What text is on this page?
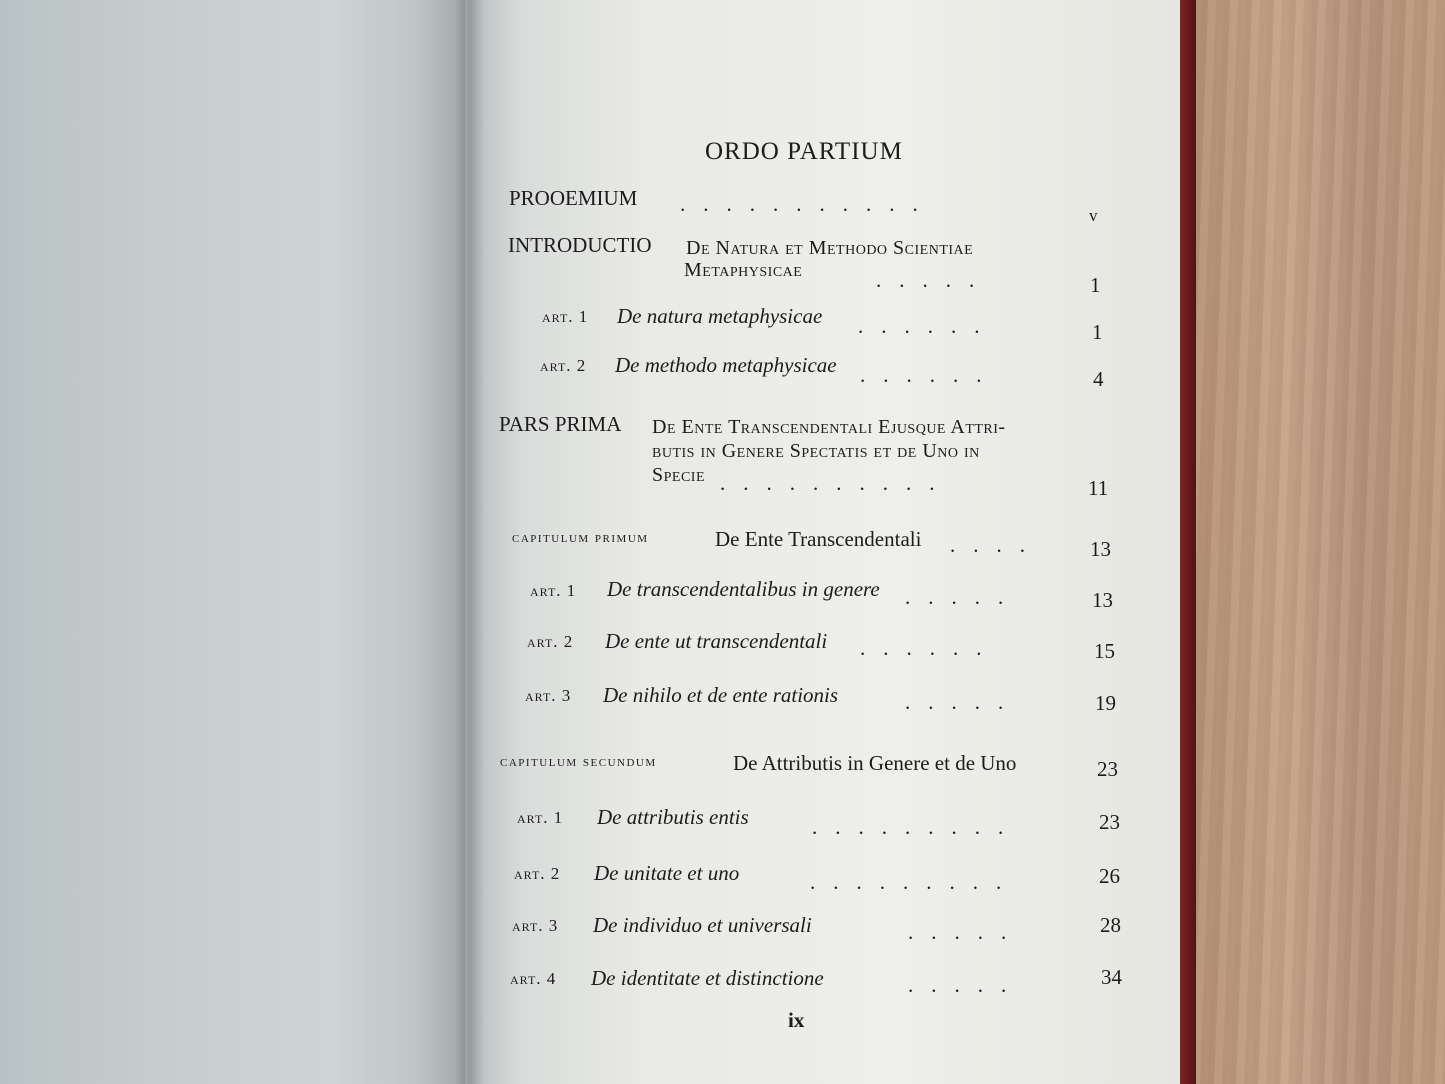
ORDO PARTIUM
PROOEMIUM ...........	v
INTRODUCTIO De Natura et Methodo Scientiae
Metaphysicae	.....	1
art. 1 De natura metaphysicae ......	1
art. 2 De methodo metaphysicae ......	4
PARS PRIMA De Ente Transcendentali Ejusque Attri-
butis in Genere Spectatis et de Uno in
Specie ..........	11
capitulum primum	De Ente Transcendentali .... 13
art. 1 De transcendentalibus in genere .....	13
art. 2 De ente ut transcendentali ......	15
art. 3 De nihilo et de ente rationis	.....	19
capitulum secundum	De Attributis in Genere et de Uno	23
art. 1 De attributis entis	.........	23
art. 2 De unitate et uno	.........	26
art. 3 De individuo et universali	.....	28
art. 4 De identitate et distinctione	.....	34
ix
